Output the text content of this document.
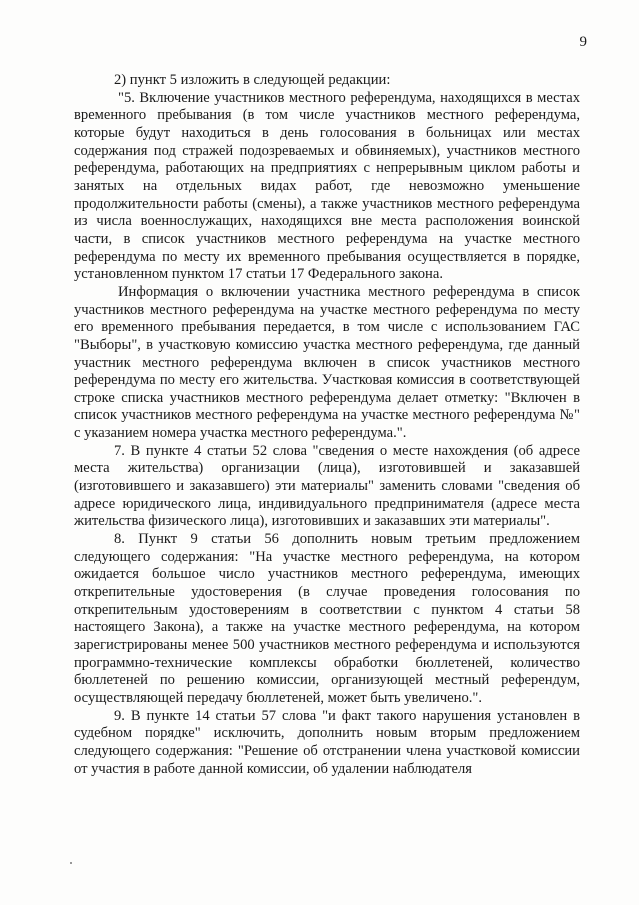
9

2) пункт 5 изложить в следующей редакции:

"5. Включение участников местного референдума, находящихся в местах временного пребывания (в том числе участников местного референдума, которые будут находиться в день голосования в больницах или местах содержания под стражей подозреваемых и обвиняемых), участников местного референдума, работающих на предприятиях с непрерывным циклом работы и занятых на отдельных видах работ, где невозможно уменьшение продолжительности работы (смены), а также участников местного референдума из числа военнослужащих, находящихся вне места расположения воинской части, в список участников местного референдума на участке местного референдума по месту их временного пребывания осуществляется в порядке, установленном пунктом 17 статьи 17 Федерального закона.

Информация о включении участника местного референдума в список участников местного референдума на участке местного референдума по месту его временного пребывания передается, в том числе с использованием ГАС "Выборы", в участковую комиссию участка местного референдума, где данный участник местного референдума включен в список участников местного референдума по месту его жительства. Участковая комиссия в соответствующей строке списка участников местного референдума делает отметку: "Включен в список участников местного референдума на участке местного референдума №" с указанием номера участка местного референдума.".

7. В пункте 4 статьи 52 слова "сведения о месте нахождения (об адресе места жительства) организации (лица), изготовившей и заказавшей (изготовившего и заказавшего) эти материалы" заменить словами "сведения об адресе юридического лица, индивидуального предпринимателя (адресе места жительства физического лица), изготовивших и заказавших эти материалы".

8. Пункт 9 статьи 56 дополнить новым третьим предложением следующего содержания: "На участке местного референдума, на котором ожидается большое число участников местного референдума, имеющих открепительные удостоверения (в случае проведения голосования по открепительным удостоверениям в соответствии с пунктом 4 статьи 58 настоящего Закона), а также на участке местного референдума, на котором зарегистрированы менее 500 участников местного референдума и используются программно-технические комплексы обработки бюллетеней, количество бюллетеней по решению комиссии, организующей местный референдум, осуществляющей передачу бюллетеней, может быть увеличено.".

9. В пункте 14 статьи 57 слова "и факт такого нарушения установлен в судебном порядке" исключить, дополнить новым вторым предложением следующего содержания: "Решение об отстранении члена участковой комиссии от участия в работе данной комиссии, об удалении наблюдателя
